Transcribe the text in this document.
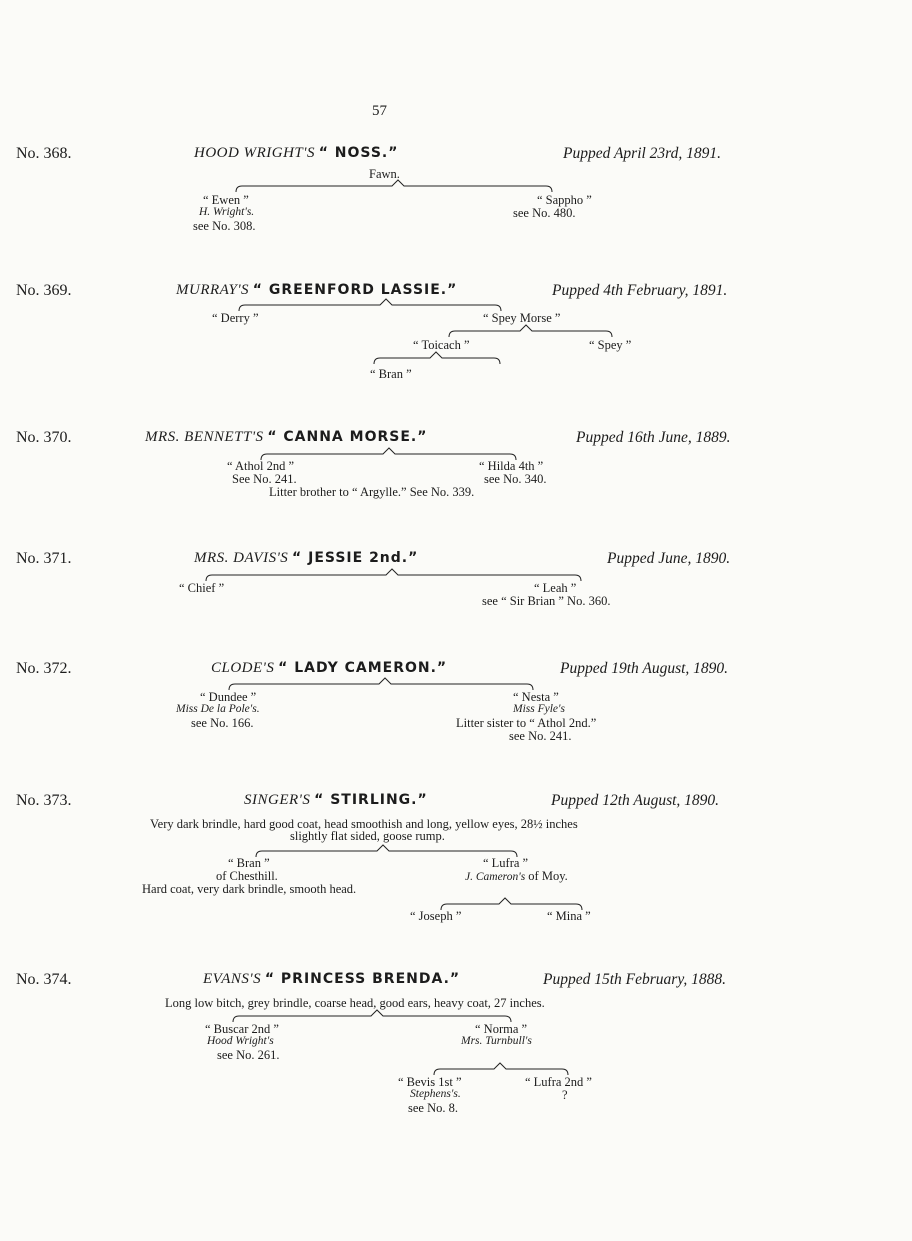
57
No. 368.	HOOD WRIGHT'S “ NOSS.”	Pupped April 23rd, 1891.
Fawn.
“ Ewen ”
H. Wright's.
see No. 308.
“ Sappho ”
see No. 480.
No. 369.	MURRAY'S “ GREENFORD LASSIE.”	Pupped 4th February, 1891.
“ Derry ”	“ Spey Morse ”
“ Toicach ”	“ Spey ”
“ Bran ”
No. 370.	MRS. BENNETT'S “ CANNA MORSE.”	Pupped 16th June, 1889.
“ Athol 2nd ”
See No. 241.
“ Hilda 4th ”
see No. 340.
Litter brother to “ Argylle.” See No. 339.
No. 371.	MRS. DAVIS'S “ JESSIE 2nd.”	Pupped June, 1890.
“ Chief ”	“ Leah ”
see “ Sir Brian ” No. 360.
No. 372.	CLODE'S “ LADY CAMERON.”	Pupped 19th August, 1890.
“ Dundee ”
Miss De la Pole's.
see No. 166.
“ Nesta ”
Miss Fyle's
Litter sister to “ Athol 2nd.”
see No. 241.
No. 373.	SINGER'S “ STIRLING.”	Pupped 12th August, 1890.
Very dark brindle, hard good coat, head smoothish and long, yellow eyes, 28½ inches
slightly flat sided, goose rump.
“ Bran ”
of Chesthill.
Hard coat, very dark brindle, smooth head.
“ Lufra ”
J. Cameron's of Moy.
“ Joseph ”	“ Mina ”
No. 374.	EVANS'S “ PRINCESS BRENDA.”	Pupped 15th February, 1888.
Long low bitch, grey brindle, coarse head, good ears, heavy coat, 27 inches.
“ Buscar 2nd ”
Hood Wright's
see No. 261.
“ Norma ”
Mrs. Turnbull's
“ Bevis 1st ”
Stephens's.
see No. 8.
“ Lufra 2nd ”
?
